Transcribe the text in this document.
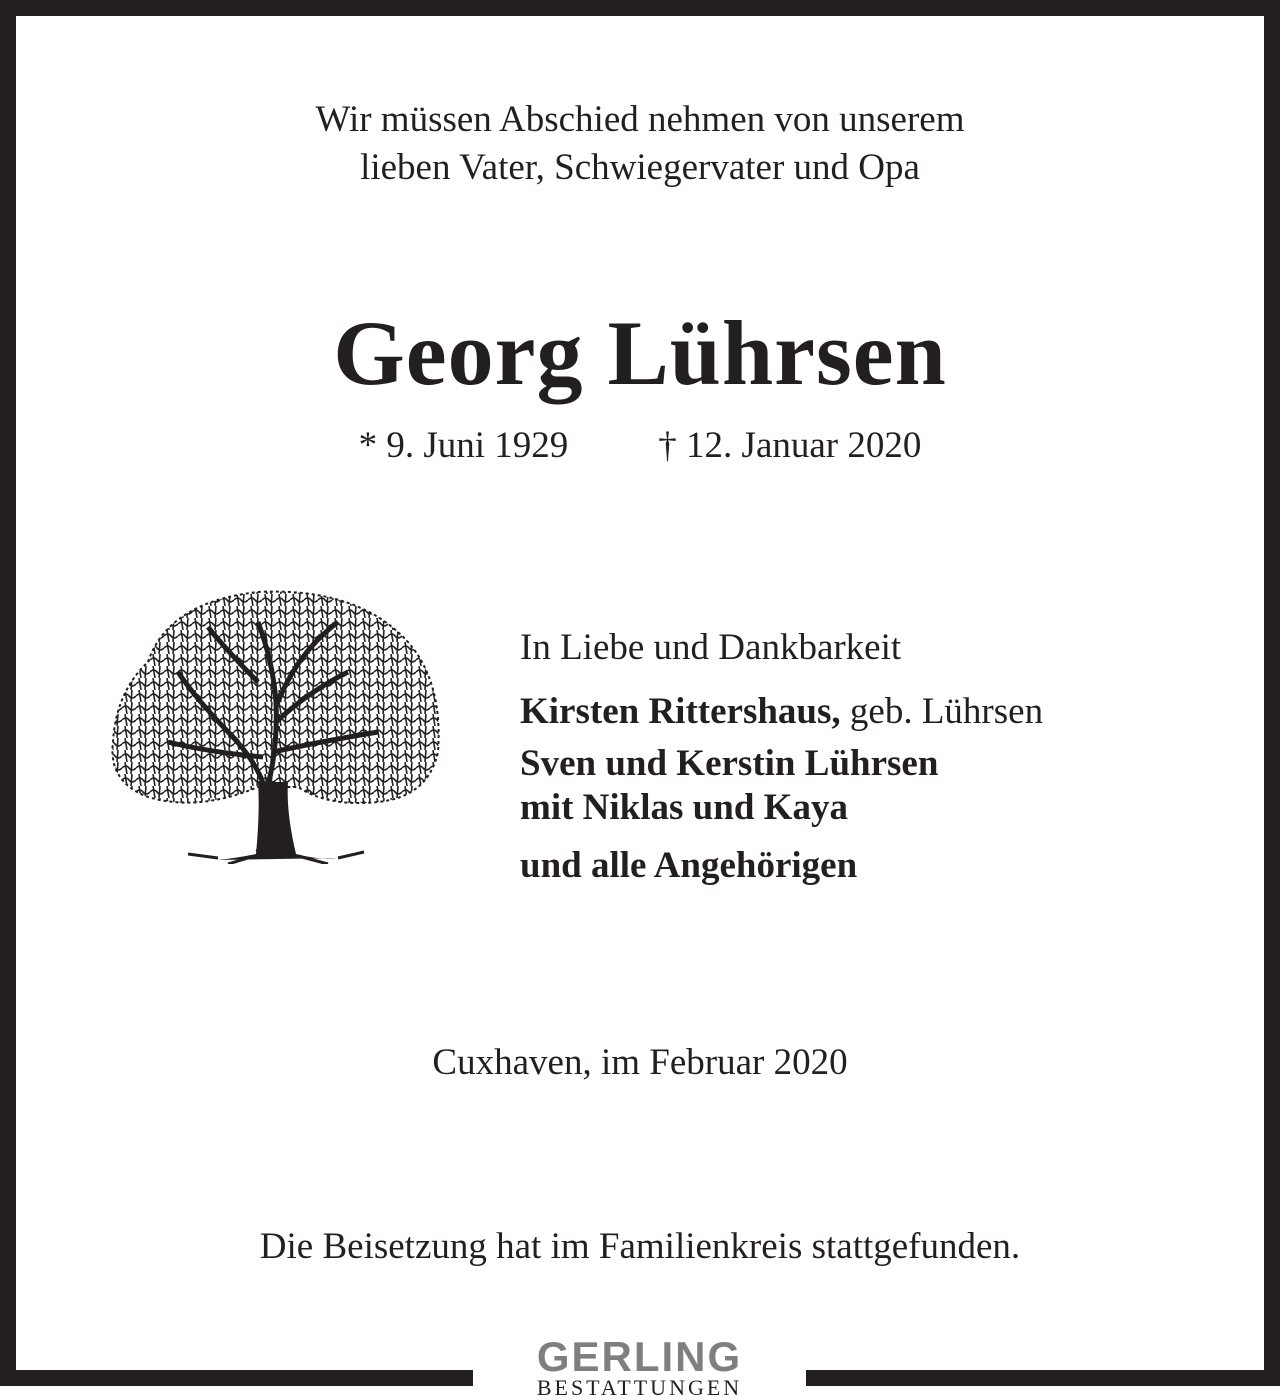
Wir müssen Abschied nehmen von unserem
lieben Vater, Schwiegervater und Opa
Georg Lührsen
* 9. Juni 1929 † 12. Januar 2020
In Liebe und Dankbarkeit
Kirsten Rittershaus, geb. Lührsen
Sven und Kerstin Lührsen
mit Niklas und Kaya
und alle Angehörigen
Cuxhaven, im Februar 2020
Die Beisetzung hat im Familienkreis stattgefunden.
GERLING
BESTATTUNGEN
